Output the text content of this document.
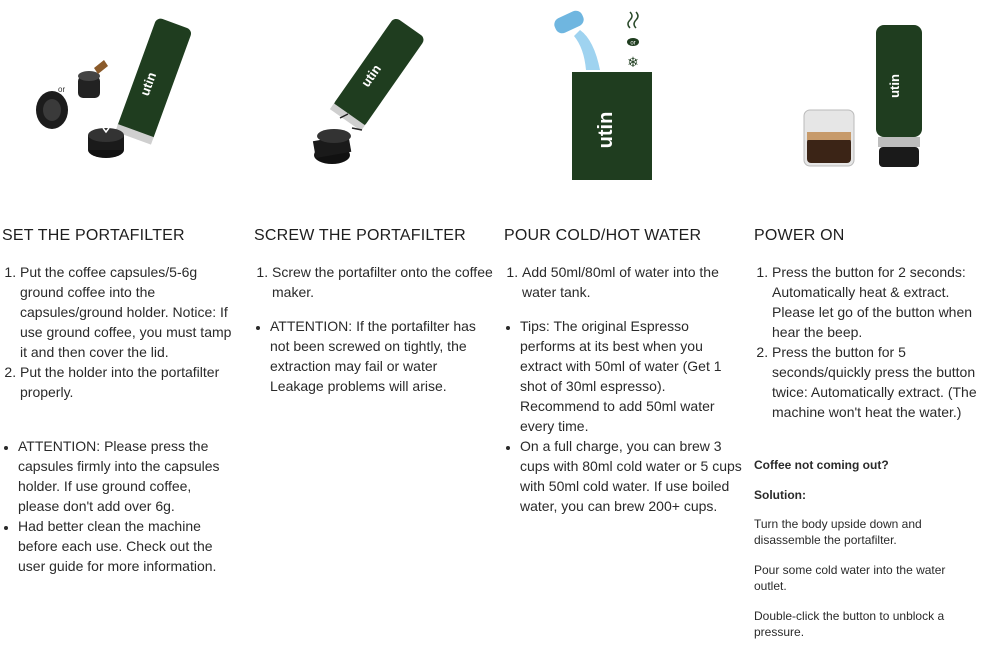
utin
or
SET THE PORTAFILTER
1. Put the coffee capsules/5-6g ground coffee into the capsules/ground holder. Notice: If use ground coffee, you must tamp it and then cover the lid.
2. Put the holder into the portafilter properly.
• ATTENTION: Please press the capsules firmly into the capsules holder. If use ground coffee, please don't add over 6g.
• Had better clean the machine before each use. Check out the user guide for more information.
utin
SCREW THE PORTAFILTER
1. Screw the portafilter onto the coffee maker.
• ATTENTION: If the portafilter has not been screwed on tightly, the extraction may fail or water Leakage problems will arise.
utin
or
❄
POUR COLD/HOT WATER
1. Add 50ml/80ml of water into the water tank.
• Tips: The original Espresso performs at its best when you extract with 50ml of water (Get 1 shot of 30ml espresso). Recommend to add 50ml water every time.
• On a full charge, you can brew 3 cups with 80ml cold water or 5 cups with 50ml cold water. If use boiled water, you can brew 200+ cups.
utin
POWER ON
1. Press the button for 2 seconds: Automatically heat & extract. Please let go of the button when hear the beep.
2. Press the button for 5 seconds/quickly press the button twice: Automatically extract. (The machine won't heat the water.)
Coffee not coming out?
Solution:
Turn the body upside down and disassemble the portafilter.
Pour some cold water into the water outlet.
Double-click the button to unblock a pressure.
